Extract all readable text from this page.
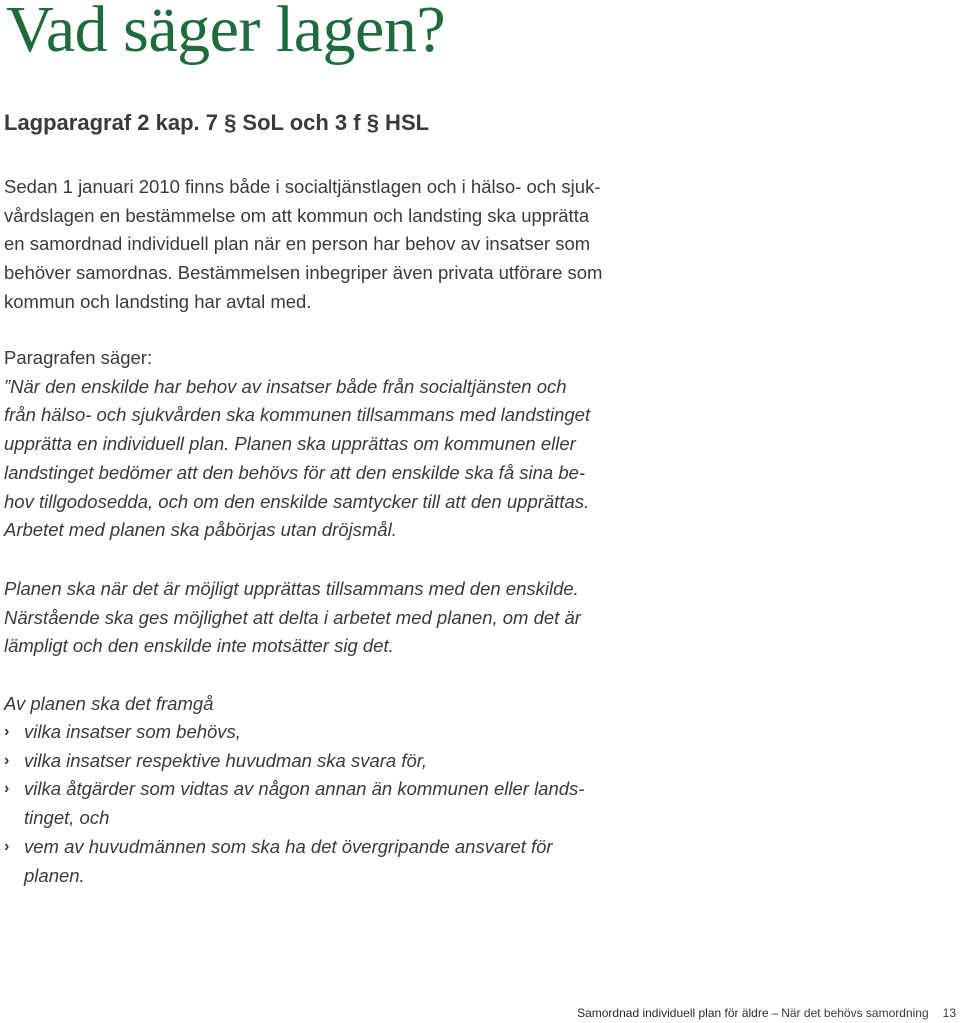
Vad säger lagen?
Lagparagraf 2 kap. 7 § SoL och 3 f § HSL

Sedan 1 januari 2010 finns både i socialtjänstlagen och i hälso- och sjuk-
vårdslagen en bestämmelse om att kommun och landsting ska upprätta
en samordnad individuell plan när en person har behov av insatser som
behöver samordnas. Bestämmelsen inbegriper även privata utförare som
kommun och landsting har avtal med.

Paragrafen säger:
”När den enskilde har behov av insatser både från socialtjänsten och
från hälso- och sjukvården ska kommunen tillsammans med landstinget
upprätta en individuell plan. Planen ska upprättas om kommunen eller
landstinget bedömer att den behövs för att den enskilde ska få sina be-
hov tillgodosedda, och om den enskilde samtycker till att den upprättas.
Arbetet med planen ska påbörjas utan dröjsmål.

Planen ska när det är möjligt upprättas tillsammans med den enskilde.
Närstående ska ges möjlighet att delta i arbetet med planen, om det är
lämpligt och den enskilde inte motsätter sig det.

Av planen ska det framgå

› vilka insatser som behövs,
› vilka insatser respektive huvudman ska svara för,
› vilka åtgärder som vidtas av någon annan än kommunen eller lands-
tinget, och
› vem av huvudmännen som ska ha det övergripande ansvaret för
planen.
Samordnad individuell plan för äldre – När det behövs samordning 13
